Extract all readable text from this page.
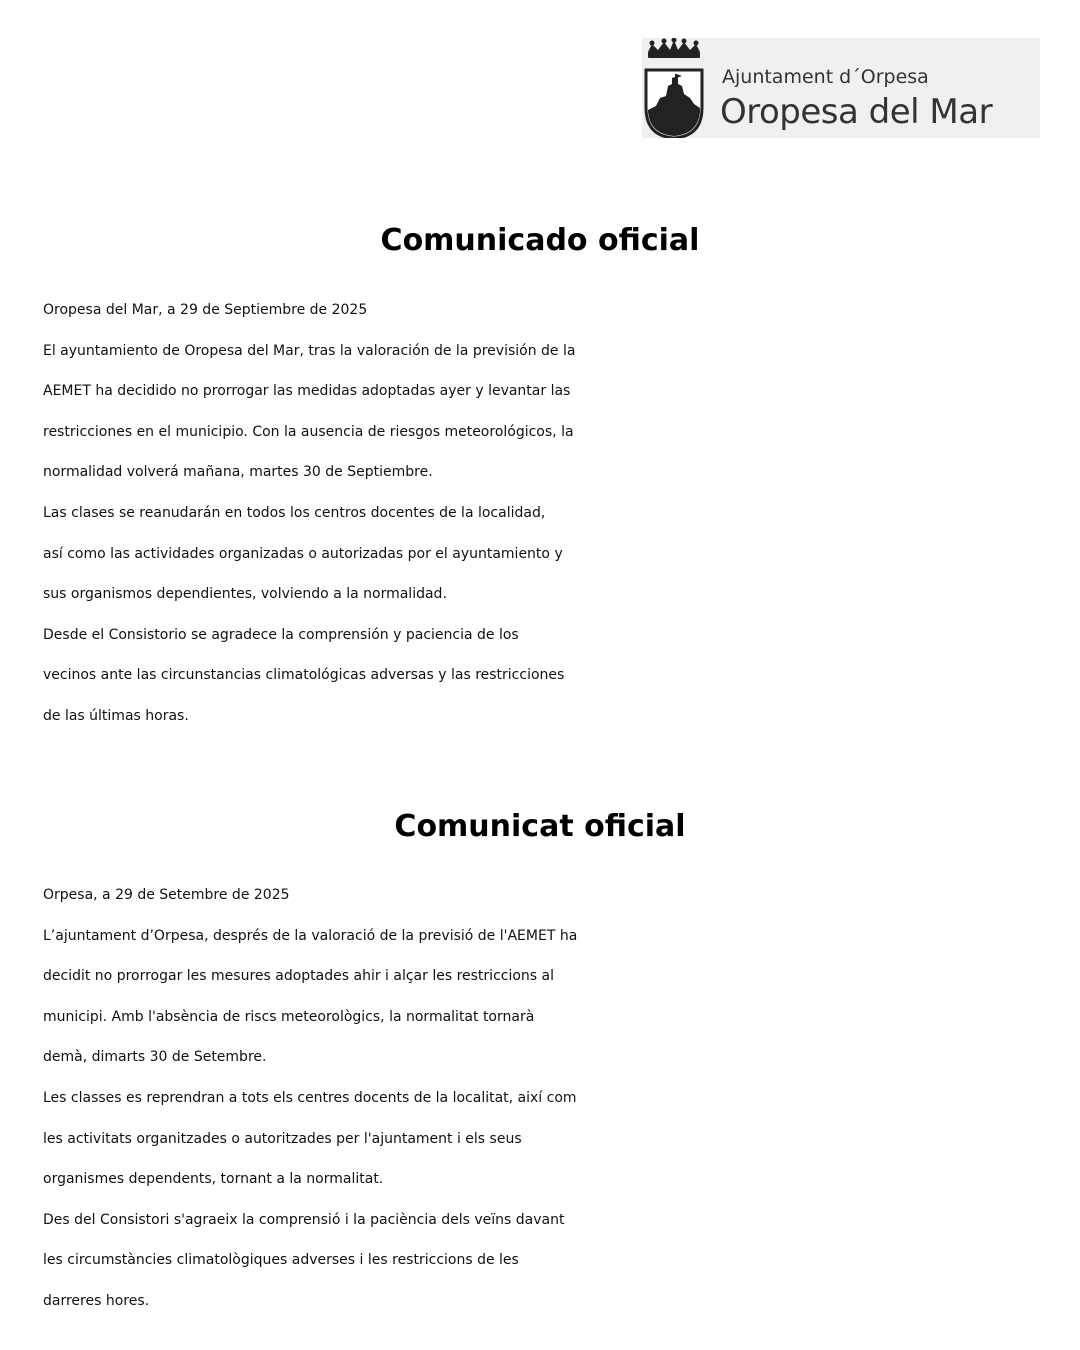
Ajuntament d´Orpesa
Oropesa del Mar
Comunicado oficial

Oropesa del Mar, a 29 de Septiembre de 2025

El ayuntamiento de Oropesa del Mar, tras la valoración de la previsión de la
AEMET ha decidido no prorrogar las medidas adoptadas ayer y levantar las
restricciones en el municipio. Con la ausencia de riesgos meteorológicos, la
normalidad volverá mañana, martes 30 de Septiembre.

Las clases se reanudarán en todos los centros docentes de la localidad,
así como las actividades organizadas o autorizadas por el ayuntamiento y
sus organismos dependientes, volviendo a la normalidad.

Desde el Consistorio se agradece la comprensión y paciencia de los
vecinos ante las circunstancias climatológicas adversas y las restricciones
de las últimas horas.

Comunicat oficial

Orpesa, a 29 de Setembre de 2025

L’ajuntament d’Orpesa, després de la valoració de la previsió de l'AEMET ha
decidit no prorrogar les mesures adoptades ahir i alçar les restriccions al
municipi. Amb l'absència de riscs meteorològics, la normalitat tornarà
demà, dimarts 30 de Setembre.

Les classes es reprendran a tots els centres docents de la localitat, així com
les activitats organitzades o autoritzades per l'ajuntament i els seus
organismes dependents, tornant a la normalitat.

Des del Consistori s'agraeix la comprensió i la paciència dels veïns davant
les circumstàncies climatològiques adverses i les restriccions de les
darreres hores.
